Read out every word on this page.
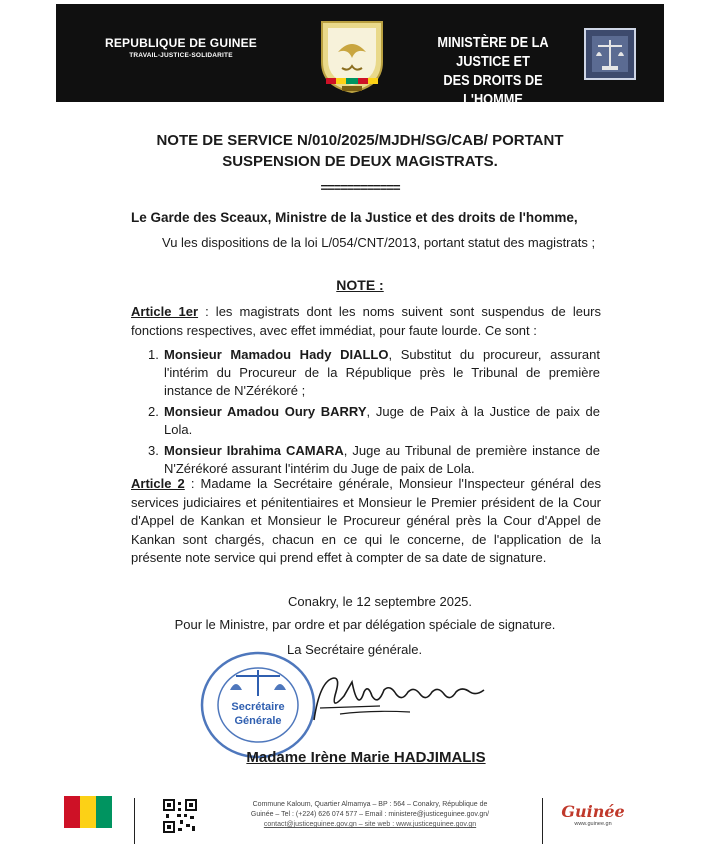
REPUBLIQUE DE GUINEE
TRAVAIL-JUSTICE-SOLIDARITE
MINISTÈRE DE LA JUSTICE ET
DES DROITS DE L'HOMME
NOTE DE SERVICE N/010/2025/MJDH/SG/CAB/ PORTANT
SUSPENSION DE DEUX MAGISTRATS.
============
Le Garde des Sceaux, Ministre de la Justice et des droits de l'homme,
Vu les dispositions de la loi L/054/CNT/2013, portant statut des magistrats ;
NOTE :
Article 1er : les magistrats dont les noms suivent sont suspendus de leurs fonctions respectives, avec effet immédiat, pour faute lourde. Ce sont :
1. Monsieur Mamadou Hady DIALLO, Substitut du procureur, assurant l'intérim du Procureur de la République près le Tribunal de première instance de N'Zérékoré ;
2. Monsieur Amadou Oury BARRY, Juge de Paix à la Justice de paix de Lola.
3. Monsieur Ibrahima CAMARA, Juge au Tribunal de première instance de N'Zérékoré assurant l'intérim du Juge de paix de Lola.
Article 2 : Madame la Secrétaire générale, Monsieur l'Inspecteur général des services judiciaires et pénitentiaires et Monsieur le Premier président de la Cour d'Appel de Kankan et Monsieur le Procureur général près la Cour d'Appel de Kankan sont chargés, chacun en ce qui le concerne, de l'application de la présente note service qui prend effet à compter de sa date de signature.
Conakry, le 12 septembre 2025.
Pour le Ministre, par ordre et par délégation spéciale de signature.
La Secrétaire générale.
Secrétaire
Générale
Madame Irène Marie HADJIMALIS
Commune Kaloum, Quartier Almamya – BP : 564 – Conakry, République de
Guinée – Tel : (+224) 626 074 577 – Email : ministere@justiceguinee.gov.gn/
contact@justiceguinee.gov.gn – site web : www.justiceguinee.gov.gn
Guinée
www.guinee.gn
